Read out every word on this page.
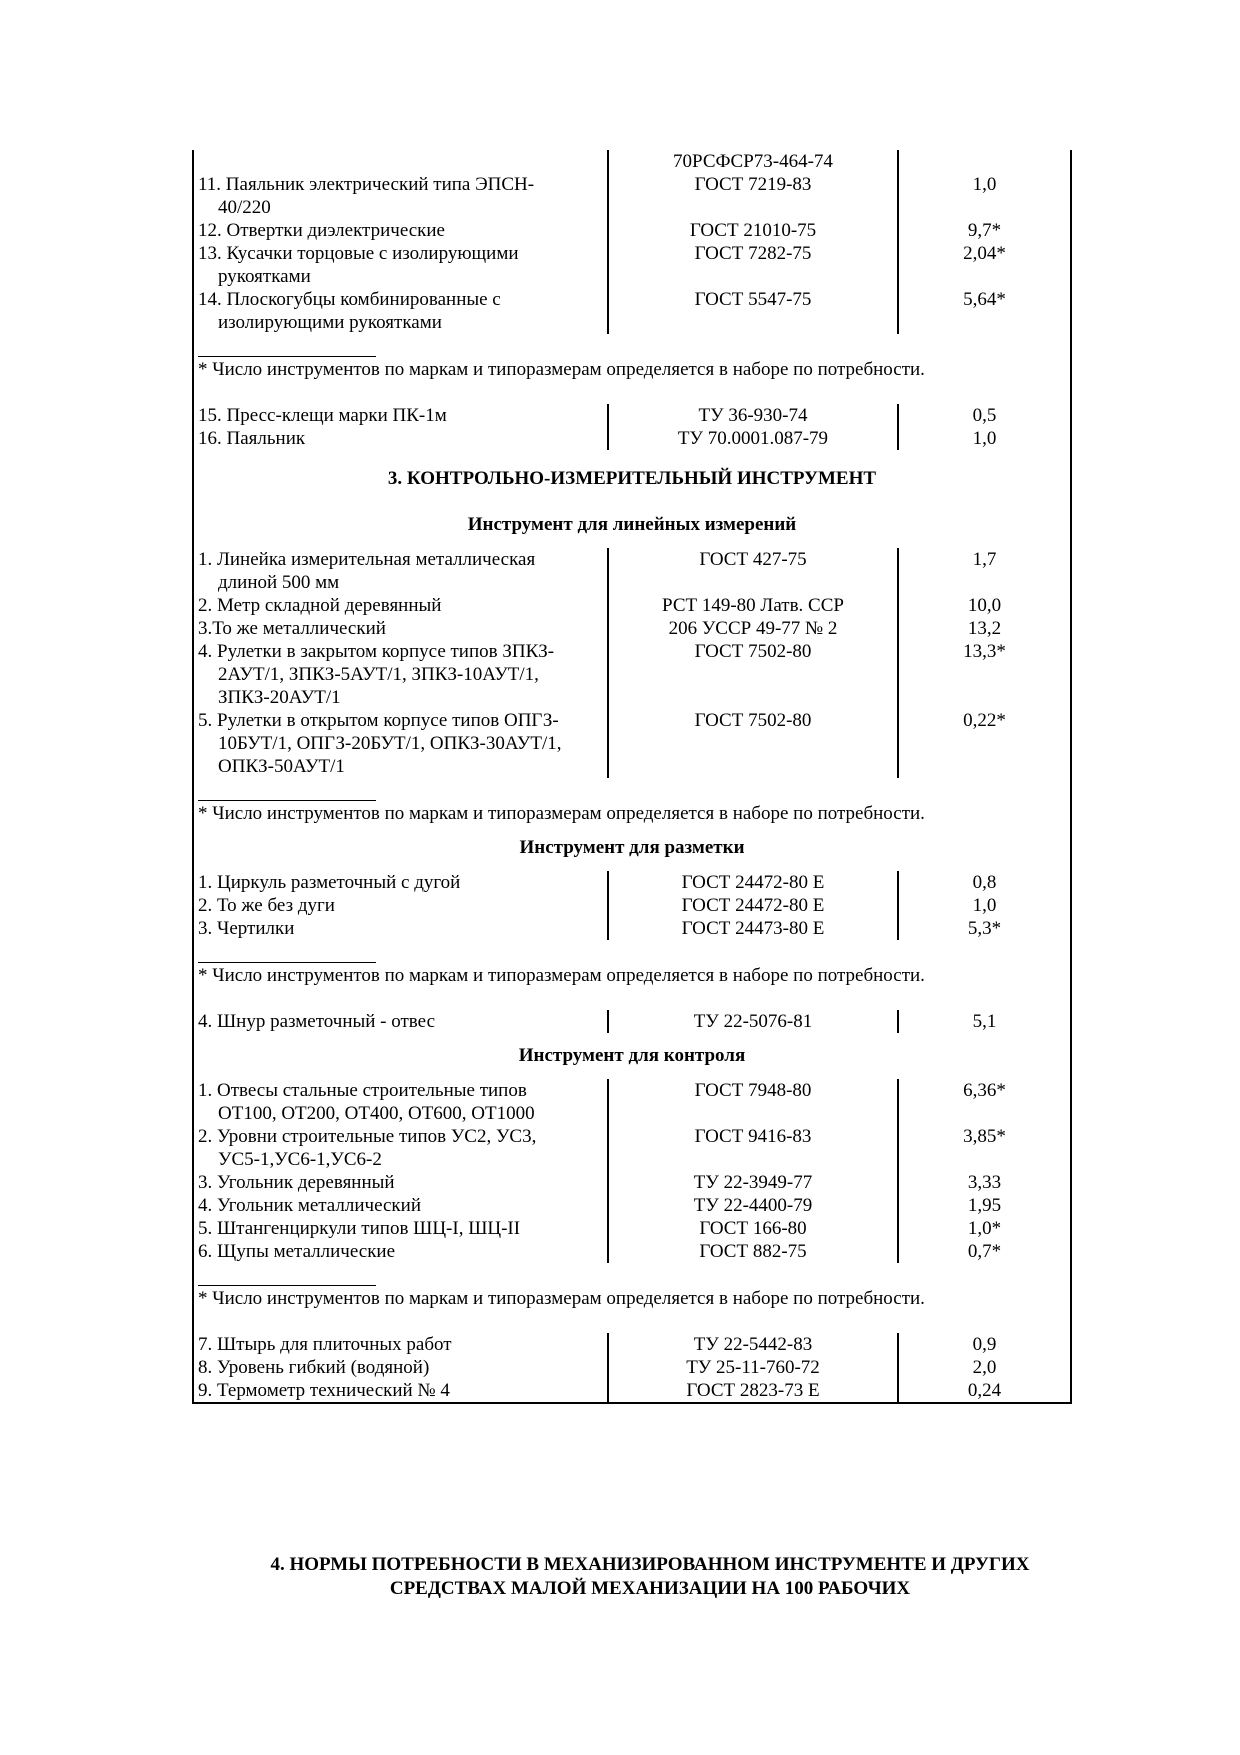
11. Паяльник электрический типа ЭПСН-
40/220
12. Отвертки диэлектрические
13. Кусачки торцовые с изолирующими
рукоятками
14. Плоскогубцы комбинированные с
изолирующими рукоятками
70РСФСР73-464-74
ГОСТ 7219-83
ГОСТ 21010-75
ГОСТ 7282-75
ГОСТ 5547-75
1,0
9,7*
2,04*
5,64*
* Число инструментов по маркам и типоразмерам определяется в наборе по потребности.
15. Пресс-клещи марки ПК-1м
16. Паяльник
ТУ 36-930-74
ТУ 70.0001.087-79
0,5
1,0
3. КОНТРОЛЬНО-ИЗМЕРИТЕЛЬНЫЙ ИНСТРУМЕНТ
Инструмент для линейных измерений
1. Линейка измерительная металлическая
длиной 500 мм
2. Метр складной деревянный
3.То же металлический
4. Рулетки в закрытом корпусе типов ЗПКЗ-
2АУТ/1, ЗПКЗ-5АУТ/1, ЗПКЗ-10АУТ/1,
ЗПКЗ-20АУТ/1
5. Рулетки в открытом корпусе типов ОПГЗ-
10БУТ/1, ОПГЗ-20БУТ/1, ОПКЗ-30АУТ/1,
ОПКЗ-50АУТ/1
ГОСТ 427-75
РСТ 149-80 Латв. ССР
206 УССР 49-77 № 2
ГОСТ 7502-80
ГОСТ 7502-80
1,7
10,0
13,2
13,3*
0,22*
* Число инструментов по маркам и типоразмерам определяется в наборе по потребности.
Инструмент для разметки
1. Циркуль разметочный с дугой
2. То же без дуги
3. Чертилки
ГОСТ 24472-80 Е
ГОСТ 24472-80 Е
ГОСТ 24473-80 Е
0,8
1,0
5,3*
* Число инструментов по маркам и типоразмерам определяется в наборе по потребности.
4. Шнур разметочный - отвес	ТУ 22-5076-81	5,1
Инструмент для контроля
1. Отвесы стальные строительные типов
ОТ100, ОТ200, ОТ400, ОТ600, ОТ1000
2. Уровни строительные типов УС2, УС3,
УС5-1,УС6-1,УС6-2
3. Угольник деревянный
4. Угольник металлический
5. Штангенциркули типов ШЦ-I, ШЦ-II
6. Щупы металлические
ГОСТ 7948-80
ГОСТ 9416-83
ТУ 22-3949-77
ТУ 22-4400-79
ГОСТ 166-80
ГОСТ 882-75
6,36*
3,85*
3,33
1,95
1,0*
0,7*
* Число инструментов по маркам и типоразмерам определяется в наборе по потребности.
7. Штырь для плиточных работ
8. Уровень гибкий (водяной)
9. Термометр технический № 4
ТУ 22-5442-83
ТУ 25-11-760-72
ГОСТ 2823-73 Е
0,9
2,0
0,24
4. НОРМЫ ПОТРЕБНОСТИ В МЕХАНИЗИРОВАННОМ ИНСТРУМЕНТЕ И ДРУГИХ
СРЕДСТВАХ МАЛОЙ МЕХАНИЗАЦИИ НА 100 РАБОЧИХ
